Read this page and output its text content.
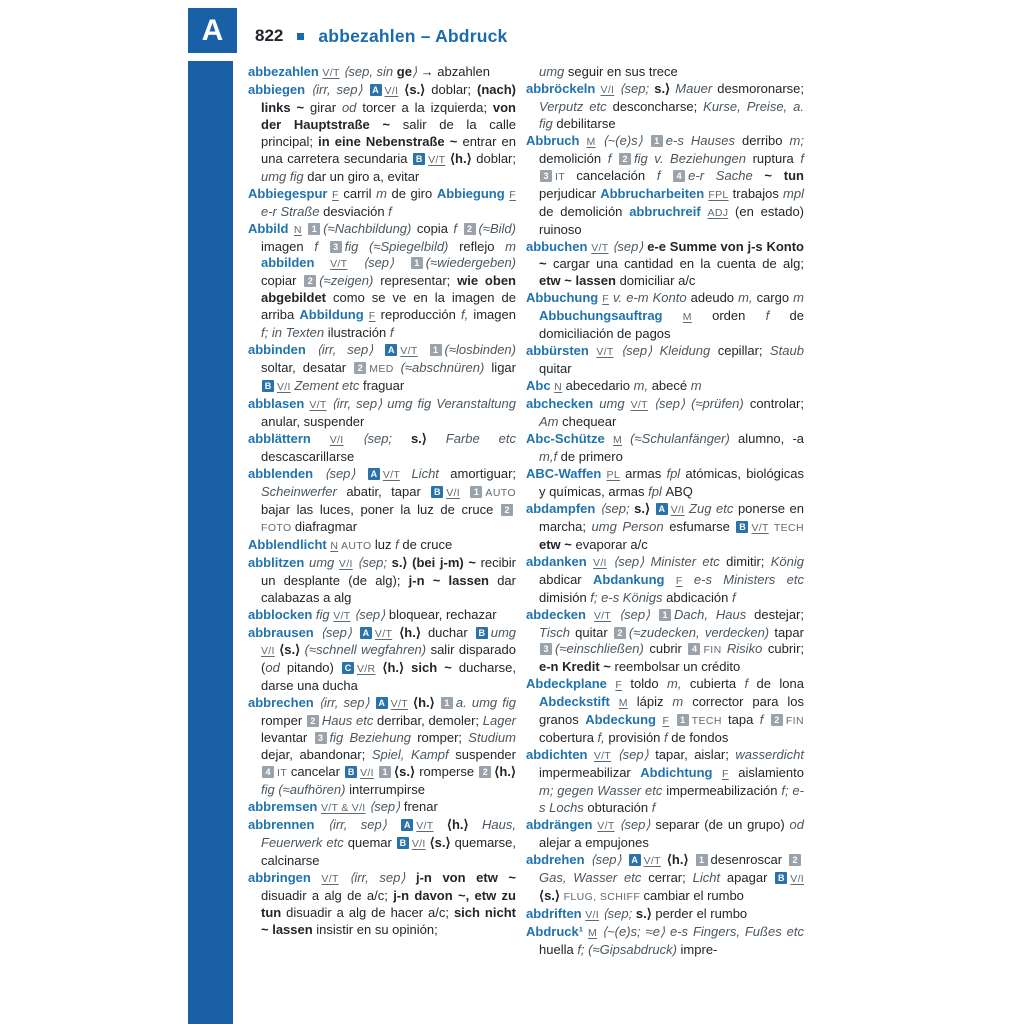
A	822 abbezahlen – Abdruck

abbezahlen V/T ⟨sep, sin ge⟩ → abzahlen

abbiegen ⟨irr, sep⟩ A V/I ⟨s.⟩ doblar; (nach) links ~ girar od torcer a la izquierda; von der Hauptstraße ~ salir de la calle principal; in eine Nebenstraße ~ entrar en una carretera secundaria B V/T ⟨h.⟩ doblar; umg fig dar un giro a, evitar

Abbiegespur F carril m de giro Abbiegung F e-r Straße desviación f

Abbild N 1 (≈Nachbildung) copia f 2 (≈Bild) imagen f 3 fig (≈Spiegelbild) reflejo m abbilden V/T ⟨sep⟩ 1 (≈wiedergeben) copiar 2 (≈zeigen) representar; wie oben abgebildet como se ve en la imagen de arriba Abbildung F reproducción f, imagen f; in Texten ilustración f

abbinden ⟨irr, sep⟩ A V/T 1 (≈losbinden) soltar, desatar 2 MED (≈abschnüren) ligar B V/I Zement etc fraguar

abblasen V/T ⟨irr, sep⟩ umg fig Veranstaltung anular, suspender

abblättern V/I ⟨sep; s.⟩ Farbe etc descascarillarse

abblenden ⟨sep⟩ A V/T Licht amortiguar; Scheinwerfer abatir, tapar B V/I 1 AUTO bajar las luces, poner la luz de cruce 2FOTO diafragmar

Abblendlicht N AUTO luz f de cruce

abblitzen umg V/I ⟨sep; s.⟩ (bei j-m) ~ recibir un desplante (de alg); j-n ~ lassen dar calabazas a alg

abblocken fig V/T ⟨sep⟩ bloquear, rechazar

abbrausen ⟨sep⟩ A V/T ⟨h.⟩ duchar B umg V/I ⟨s.⟩ (≈schnell wegfahren) salir disparado (od pitando) C V/R ⟨h.⟩ sich ~ ducharse, darse una ducha

abbrechen ⟨irr, sep⟩ A V/T ⟨h.⟩ 1 a. umg fig romper 2 Haus etc derribar, demoler; Lager levantar 3 fig Beziehung romper; Studium dejar, abandonar; Spiel, Kampf suspender 4 IT cancelar B V/I 1 ⟨s.⟩ romperse 2 ⟨h.⟩ fig (≈aufhören) interrumpirse

abbremsen V/T & V/I ⟨sep⟩ frenar

abbrennen ⟨irr, sep⟩ A V/T ⟨h.⟩ Haus, Feuerwerk etc quemar B V/I ⟨s.⟩ quemarse, calcinarse

abbringen V/T ⟨irr, sep⟩ j-n von etw ~ disuadir a alg de a/c; j-n davon ~, etw zu tun disuadir a alg de hacer a/c; sich nicht ~ lassen insistir en su opinión;

umg seguir en sus trece

abbröckeln V/I ⟨sep; s.⟩ Mauer desmoronarse; Verputz etc desconcharse; Kurse, Preise, a. fig debilitarse

Abbruch M ⟨~(e)s⟩ 1 e-s Hauses derribo m; demolición f 2 fig v. Beziehungen ruptura f 3 IT cancelación f 4 e-r Sache ~ tun perjudicar Abbrucharbeiten FPL trabajos mpl de demolición abbruchreif ADJ (en estado) ruinoso

abbuchen V/T ⟨sep⟩ e-e Summe von j-s Konto ~ cargar una cantidad en la cuenta de alg; etw ~ lassen domiciliar a/c

Abbuchung F v. e-m Konto adeudo m, cargo m Abbuchungsauftrag M orden f de domiciliación de pagos

abbürsten V/T ⟨sep⟩ Kleidung cepillar; Staub quitar

Abc N abecedario m, abecé m

abchecken umg V/T ⟨sep⟩ (≈prüfen) controlar; Am chequear

Abc-Schütze M (≈Schulanfänger) alumno, -a m,f de primero

ABC-Waffen PL armas fpl atómicas, biológicas y químicas, armas fpl ABQ

abdampfen ⟨sep; s.⟩ A V/I Zug etc ponerse en marcha; umg Person esfumarse B V/T TECH etw ~ evaporar a/c

abdanken V/I ⟨sep⟩ Minister etc dimitir; König abdicar Abdankung F e-s Ministers etc dimisión f; e-s Königs abdicación f

abdecken V/T ⟨sep⟩ 1 Dach, Haus destejar; Tisch quitar 2 (≈zudecken, verdecken) tapar 3 (≈einschließen) cubrir 4 FIN Risiko cubrir; e-n Kredit ~ reembolsar un crédito

Abdeckplane F toldo m, cubierta f de lona Abdeckstift M lápiz m corrector para los granos Abdeckung F 1 TECH tapa f 2 FIN cobertura f, provisión f de fondos

abdichten V/T ⟨sep⟩ tapar, aislar; wasserdicht impermeabilizar Abdichtung F aislamiento m; gegen Wasser etc impermeabilización f; e-s Lochs obturación f

abdrängen V/T ⟨sep⟩ separar (de un grupo) od alejar a empujones

abdrehen ⟨sep⟩ A V/T ⟨h.⟩ 1 desenroscar 2Gas, Wasser etc cerrar; Licht apagar B V/I ⟨s.⟩ FLUG, SCHIFF cambiar el rumbo

abdriften V/I ⟨sep; s.⟩ perder el rumbo

Abdruck¹ M ⟨~(e)s; ≈e⟩ e-s Fingers, Fußes etc huella f; (≈Gipsabdruck) impre-
